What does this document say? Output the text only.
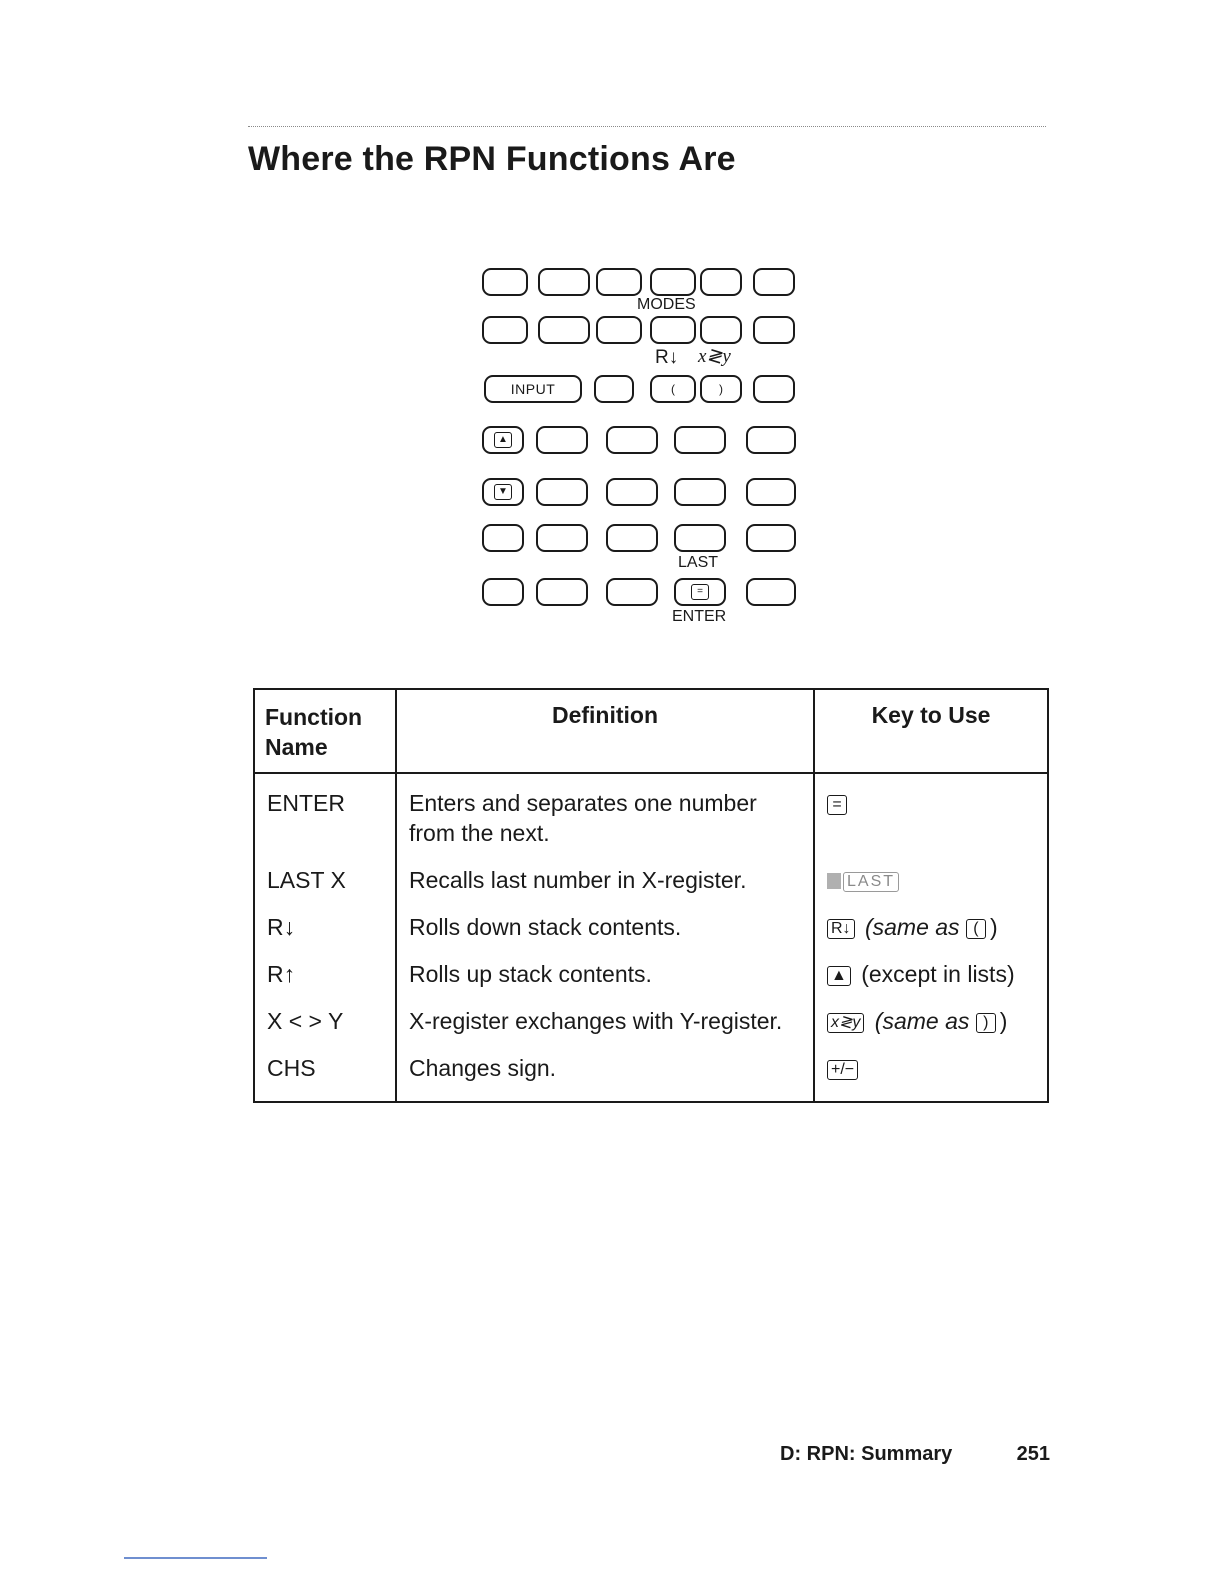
Where the RPN Functions Are
MODES
R↓ x≷y
INPUT	(	)
▲
▼
LAST
=
ENTER
Function Name	Definition	Key to Use
ENTER	Enters and separates one number from the next.	=
LAST X	Recalls last number in X-register.	LAST
R↓	Rolls down stack contents.	R↓ (same as ( )
R↑	Rolls up stack contents.	▲ (except in lists)
X < > Y	X-register exchanges with Y-register.	x≷y (same as ) )
CHS	Changes sign.	+/−
D: RPN: Summary	251
